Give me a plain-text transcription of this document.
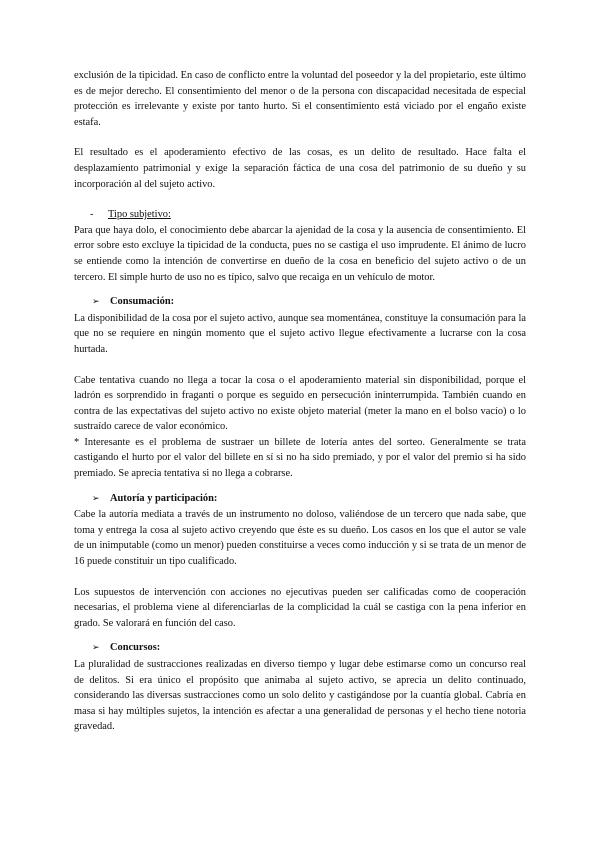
exclusión de la tipicidad. En caso de conflicto entre la voluntad del poseedor y la del propietario, este último es de mejor derecho. El consentimiento del menor o de la persona con discapacidad necesitada de especial protección es irrelevante y existe por tanto hurto. Si el consentimiento está viciado por el engaño existe estafa.

El resultado es el apoderamiento efectivo de las cosas, es un delito de resultado. Hace falta el desplazamiento patrimonial y exige la separación fáctica de una cosa del patrimonio de su dueño y su incorporación al del sujeto activo.

- Tipo subjetivo:

Para que haya dolo, el conocimiento debe abarcar la ajenidad de la cosa y la ausencia de consentimiento. El error sobre esto excluye la tipicidad de la conducta, pues no se castiga el uso imprudente. El ánimo de lucro se entiende como la intención de convertirse en dueño de la cosa en beneficio del sujeto activo o de un tercero. El simple hurto de uso no es típico, salvo que recaiga en un vehículo de motor.

➢ Consumación:

La disponibilidad de la cosa por el sujeto activo, aunque sea momentánea, constituye la consumación para la que no se requiere en ningún momento que el sujeto activo llegue efectivamente a lucrarse con la cosa hurtada.

Cabe tentativa cuando no llega a tocar la cosa o el apoderamiento material sin disponibilidad, porque el ladrón es sorprendido in fraganti o porque es seguido en persecución ininterrumpida. También cuando en contra de las expectativas del sujeto activo no existe objeto material (meter la mano en el bolso vacío) o lo sustraído carece de valor económico.

* Interesante es el problema de sustraer un billete de lotería antes del sorteo. Generalmente se trata castigando el hurto por el valor del billete en sí si no ha sido premiado, y por el valor del premio si ha sido premiado. Se aprecia tentativa si no llega a cobrarse.

➢ Autoría y participación:

Cabe la autoría mediata a través de un instrumento no doloso, valiéndose de un tercero que nada sabe, que toma y entrega la cosa al sujeto activo creyendo que éste es su dueño. Los casos en los que el autor se vale de un inimputable (como un menor) pueden constituirse a veces como inducción y si se trata de un menor de 16 puede constituir un tipo cualificado.

Los supuestos de intervención con acciones no ejecutivas pueden ser calificadas como de cooperación necesarias, el problema viene al diferenciarlas de la complicidad la cuál se castiga con la pena inferior en grado. Se valorará en función del caso.

➢ Concursos:

La pluralidad de sustracciones realizadas en diverso tiempo y lugar debe estimarse como un concurso real de delitos. Si era único el propósito que animaba al sujeto activo, se aprecia un delito continuado, considerando las diversas sustracciones como un solo delito y castigándose por la cuantía global. Cabría en masa si hay múltiples sujetos, la intención es afectar a una generalidad de personas y el hecho tiene notoria gravedad.
